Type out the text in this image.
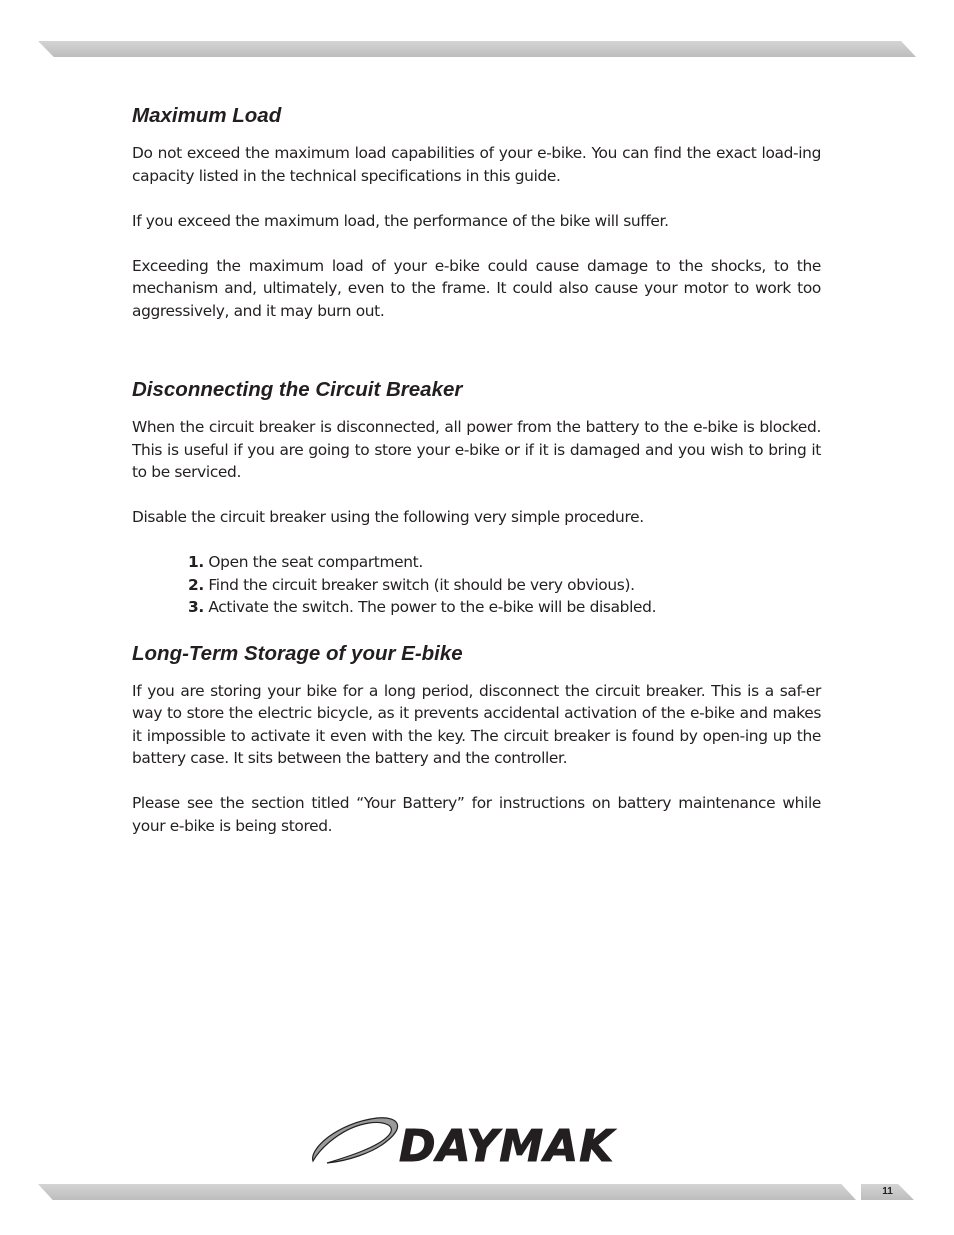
Maximum Load

Do not exceed the maximum load capabilities of your e-bike. You can find the exact load-ing capacity listed in the technical specifications in this guide.

If you exceed the maximum load, the performance of the bike will suffer.

Exceeding the maximum load of your e-bike could cause damage to the shocks, to the mechanism and, ultimately, even to the frame. It could also cause your motor to work too aggressively, and it may burn out.

Disconnecting the Circuit Breaker

When the circuit breaker is disconnected, all power from the battery to the e-bike is blocked. This is useful if you are going to store your e-bike or if it is damaged and you wish to bring it to be serviced.

Disable the circuit breaker using the following very simple procedure.

1. Open the seat compartment.
2. Find the circuit breaker switch (it should be very obvious).
3. Activate the switch. The power to the e-bike will be disabled.
Long-Term Storage of your E-bike

If you are storing your bike for a long period, disconnect the circuit breaker. This is a saf-er way to store the electric bicycle, as it prevents accidental activation of the e-bike and makes it impossible to activate it even with the key. The circuit breaker is found by open-ing up the battery case. It sits between the battery and the controller.

Please see the section titled “Your Battery” for instructions on battery maintenance while your e-bike is being stored.

DAYMAK
11
